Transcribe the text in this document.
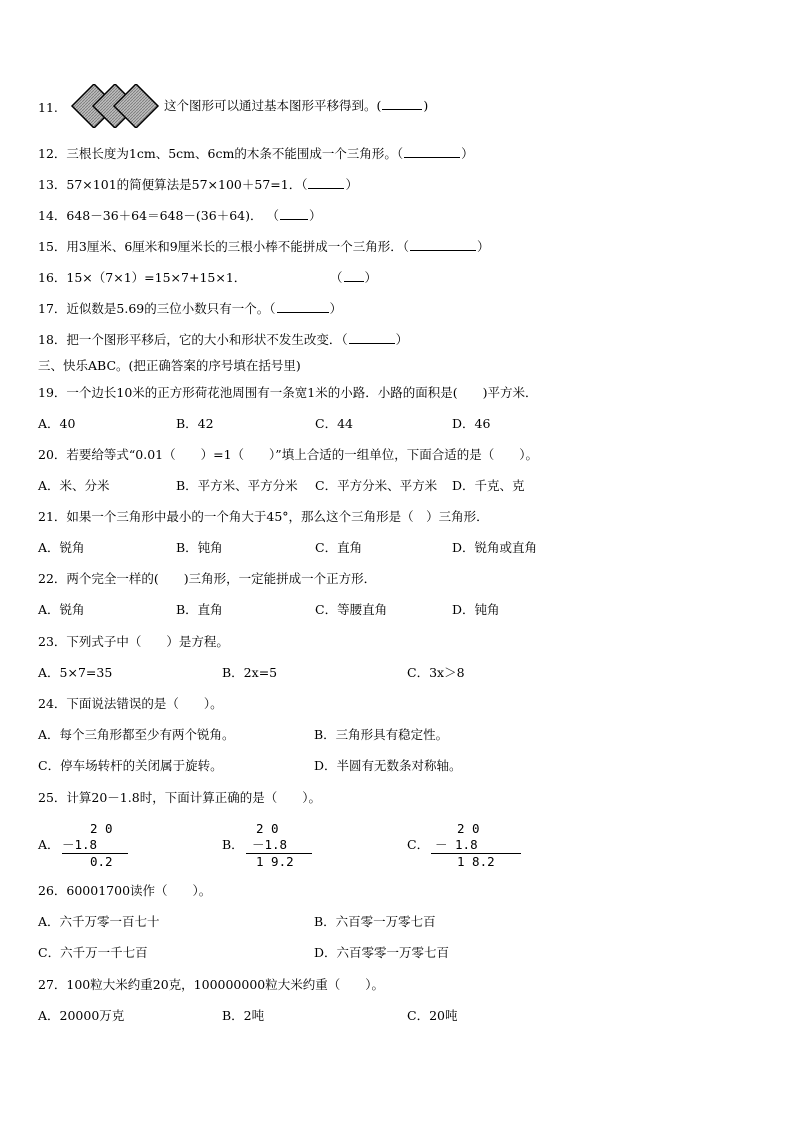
11.	这个图形可以通过基本图形平移得到。(	)
12．三根长度为1cm、5cm、6cm的木条不能围成一个三角形。（	）
13．57×101的简便算法是57×100＋57=1．（	）
14．648－36＋64＝648－(36＋64)． （ ）
15．用3厘米、6厘米和9厘米长的三根小棒不能拼成一个三角形．（	）
16．15×（7×1）=15×7+15×1．	（ ）
17．近似数是5.69的三位小数只有一个。（	）
18．把一个图形平移后，它的大小和形状不发生改变．（	）
三、快乐ABC。(把正确答案的序号填在括号里)
19．一个边长10米的正方形荷花池周围有一条宽1米的小路．小路的面积是(　　)平方米．
A．40	B．42	C．44	D．46
20．若要给等式“0.01（　　）=1（　　）”填上合适的一组单位，下面合适的是（　　）。
A．米、分米	B．平方米、平方分米 C．平方分米、平方米 D．千克、克
21．如果一个三角形中最小的一个角大于45°，那么这个三角形是（　）三角形．
A．锐角	B．钝角	C．直角	D．锐角或直角
22．两个完全一样的(　　)三角形，一定能拼成一个正方形．
A．锐角	B．直角	C．等腰直角	D．钝角
23．下列式子中（　　）是方程。
A．5×7=35	B．2x=5	C．3x＞8
24．下面说法错误的是（　　）。
A．每个三角形都至少有两个锐角。	B．三角形具有稳定性。
C．停车场转杆的关闭属于旋转。	D．半圆有无数条对称轴。
25．计算20－1.8时，下面计算正确的是（　　）。
A．
2 0
－1.8
0.2
B．
2 0
－1.8
1 9.2
C．
2 0
－ 1.8
1 8.2
26．60001700读作（　　）。
A．六千万零一百七十	B．六百零一万零七百
C．六千万一千七百	D．六百零零一万零七百
27．100粒大米约重20克，100000000粒大米约重（　　）。
A．20000万克	B．2吨	C．20吨
